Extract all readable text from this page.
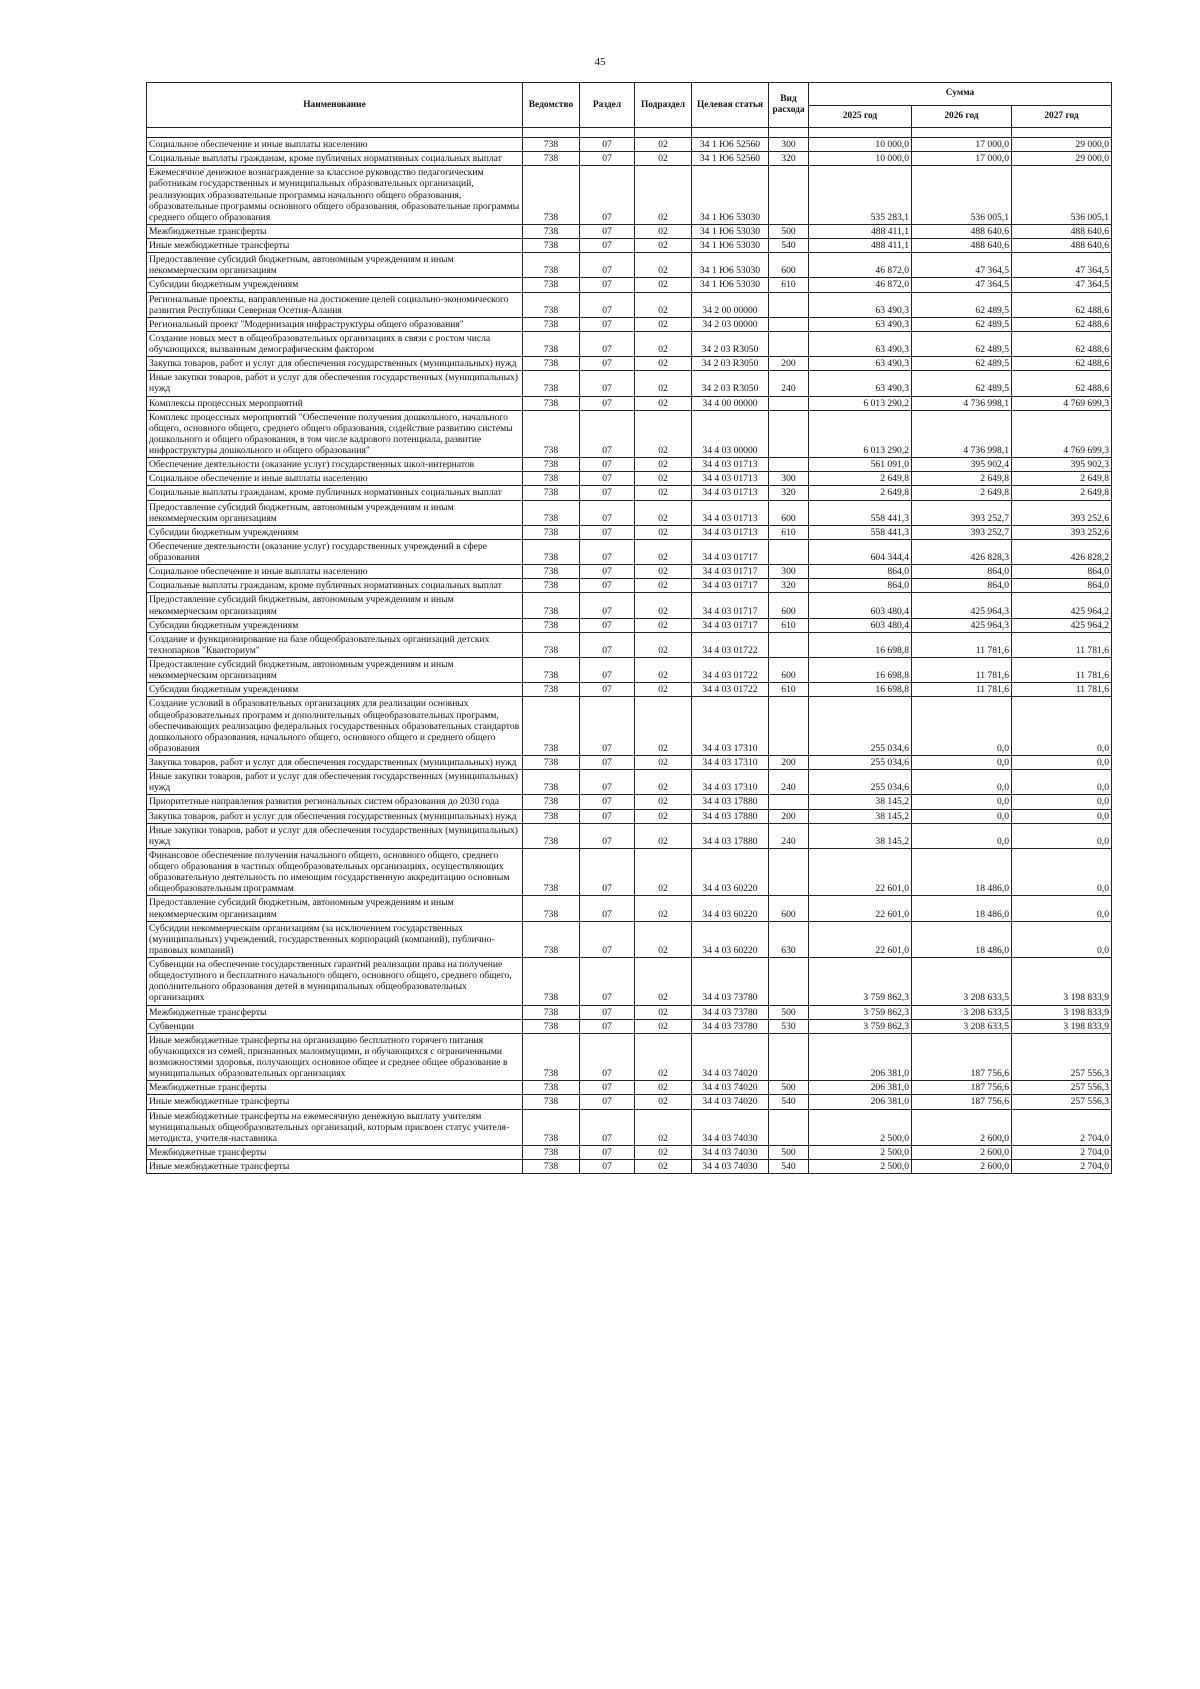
45
Наименование	Ведомство	Раздел	Подраздел	Целевая статья	Вид расхода	Сумма		
						2025 год	2026 год	2027 год

Социальное обеспечение и иные выплаты населению	738	07	02	34 1 Ю6 52560	300	10 000,0	17 000,0	29 000,0
Социальные выплаты гражданам, кроме публичных нормативных социальных выплат	738	07	02	34 1 Ю6 52560	320	10 000,0	17 000,0	29 000,0
Ежемесячное денежное вознаграждение за классное руководство педагогическим работникам государственных и муниципальных образовательных организаций, реализующих образовательные программы начального общего образования, образовательные программы основного общего образования, образовательные программы среднего общего образования	738	07	02	34 1 Ю6 53030		535 283,1	536 005,1	536 005,1
Межбюджетные трансферты	738	07	02	34 1 Ю6 53030	500	488 411,1	488 640,6	488 640,6
Иные межбюджетные трансферты	738	07	02	34 1 Ю6 53030	540	488 411,1	488 640,6	488 640,6
Предоставление субсидий бюджетным, автономным учреждениям и иным некоммерческим организациям	738	07	02	34 1 Ю6 53030	600	46 872,0	47 364,5	47 364,5
Субсидии бюджетным учреждениям	738	07	02	34 1 Ю6 53030	610	46 872,0	47 364,5	47 364,5
Региональные проекты, направленные на достижение целей социально-экономического развития Республики Северная Осетия-Алания	738	07	02	34 2 00 00000		63 490,3	62 489,5	62 488,6
Региональный проект "Модернизация инфраструктуры общего образования"	738	07	02	34 2 03 00000		63 490,3	62 489,5	62 488,6
Создание новых мест в общеобразовательных организациях в связи с ростом числа обучающихся, вызванным демографическим фактором	738	07	02	34 2 03 R3050		63 490,3	62 489,5	62 488,6
Закупка товаров, работ и услуг для обеспечения государственных (муниципальных) нужд	738	07	02	34 2 03 R3050	200	63 490,3	62 489,5	62 488,6
Иные закупки товаров, работ и услуг для обеспечения государственных (муниципальных) нужд	738	07	02	34 2 03 R3050	240	63 490,3	62 489,5	62 488,6
Комплексы процессных мероприятий	738	07	02	34 4 00 00000		6 013 290,2	4 736 998,1	4 769 699,3
Комплекс процессных мероприятий "Обеспечение получения дошкольного, начального общего, основного общего, среднего общего образования, содействие развитию системы дошкольного и общего образования, в том числе кадрового потенциала, развитие инфраструктуры дошкольного и общего образования"	738	07	02	34 4 03 00000		6 013 290,2	4 736 998,1	4 769 699,3
Обеспечение деятельности (оказание услуг) государственных школ-интернатов	738	07	02	34 4 03 01713		561 091,0	395 902,4	395 902,3
Социальное обеспечение и иные выплаты населению	738	07	02	34 4 03 01713	300	2 649,8	2 649,8	2 649,8
Социальные выплаты гражданам, кроме публичных нормативных социальных выплат	738	07	02	34 4 03 01713	320	2 649,8	2 649,8	2 649,8
Предоставление субсидий бюджетным, автономным учреждениям и иным некоммерческим организациям	738	07	02	34 4 03 01713	600	558 441,3	393 252,7	393 252,6
Субсидии бюджетным учреждениям	738	07	02	34 4 03 01713	610	558 441,3	393 252,7	393 252,6
Обеспечение деятельности (оказание услуг) государственных учреждений в сфере образования	738	07	02	34 4 03 01717		604 344,4	426 828,3	426 828,2
Социальное обеспечение и иные выплаты населению	738	07	02	34 4 03 01717	300	864,0	864,0	864,0
Социальные выплаты гражданам, кроме публичных нормативных социальных выплат	738	07	02	34 4 03 01717	320	864,0	864,0	864,0
Предоставление субсидий бюджетным, автономным учреждениям и иным некоммерческим организациям	738	07	02	34 4 03 01717	600	603 480,4	425 964,3	425 964,2
Субсидии бюджетным учреждениям	738	07	02	34 4 03 01717	610	603 480,4	425 964,3	425 964,2
Создание и функционирование на базе общеобразовательных организаций детских технопарков "Кванториум"	738	07	02	34 4 03 01722		16 698,8	11 781,6	11 781,6
Предоставление субсидий бюджетным, автономным учреждениям и иным некоммерческим организациям	738	07	02	34 4 03 01722	600	16 698,8	11 781,6	11 781,6
Субсидии бюджетным учреждениям	738	07	02	34 4 03 01722	610	16 698,8	11 781,6	11 781,6
Создание условий в образовательных организациях для реализации основных общеобразовательных программ и дополнительных общеобразовательных программ, обеспечивающих реализацию федеральных государственных образовательных стандартов дошкольного образования, начального общего, основного общего и среднего общего образования	738	07	02	34 4 03 17310		255 034,6	0,0	0,0
Закупка товаров, работ и услуг для обеспечения государственных (муниципальных) нужд	738	07	02	34 4 03 17310	200	255 034,6	0,0	0,0
Иные закупки товаров, работ и услуг для обеспечения государственных (муниципальных) нужд	738	07	02	34 4 03 17310	240	255 034,6	0,0	0,0
Приоритетные направления развития региональных систем образования до 2030 года	738	07	02	34 4 03 17880		38 145,2	0,0	0,0
Закупка товаров, работ и услуг для обеспечения государственных (муниципальных) нужд	738	07	02	34 4 03 17880	200	38 145,2	0,0	0,0
Иные закупки товаров, работ и услуг для обеспечения государственных (муниципальных) нужд	738	07	02	34 4 03 17880	240	38 145,2	0,0	0,0
Финансовое обеспечение получения начального общего, основного общего, среднего общего образования в частных общеобразовательных организациях, осуществляющих образовательную деятельность по имеющим государственную аккредитацию основным общеобразовательным программам	738	07	02	34 4 03 60220		22 601,0	18 486,0	0,0
Предоставление субсидий бюджетным, автономным учреждениям и иным некоммерческим организациям	738	07	02	34 4 03 60220	600	22 601,0	18 486,0	0,0
Субсидии некоммерческим организациям (за исключением государственных (муниципальных) учреждений, государственных корпораций (компаний), публично-правовых компаний)	738	07	02	34 4 03 60220	630	22 601,0	18 486,0	0,0
Субвенции на обеспечение государственных гарантий реализации права на получение общедоступного и бесплатного начального общего, основного общего, среднего общего, дополнительного образования детей в муниципальных общеобразовательных организациях	738	07	02	34 4 03 73780		3 759 862,3	3 208 633,5	3 198 833,9
Межбюджетные трансферты	738	07	02	34 4 03 73780	500	3 759 862,3	3 208 633,5	3 198 833,9
Субвенции	738	07	02	34 4 03 73780	530	3 759 862,3	3 208 633,5	3 198 833,9
Иные межбюджетные трансферты на организацию бесплатного горячего питания обучающихся из семей, признанных малоимущими, и обучающихся с ограниченными возможностями здоровья, получающих основное общее и среднее общее образование в муниципальных образовательных организациях	738	07	02	34 4 03 74020		206 381,0	187 756,6	257 556,3
Межбюджетные трансферты	738	07	02	34 4 03 74020	500	206 381,0	187 756,6	257 556,3
Иные межбюджетные трансферты	738	07	02	34 4 03 74020	540	206 381,0	187 756,6	257 556,3
Иные межбюджетные трансферты на ежемесячную денежную выплату учителям муниципальных общеобразовательных организаций, которым присвоен статус учителя-методиста, учителя-наставника	738	07	02	34 4 03 74030		2 500,0	2 600,0	2 704,0
Межбюджетные трансферты	738	07	02	34 4 03 74030	500	2 500,0	2 600,0	2 704,0
Иные межбюджетные трансферты	738	07	02	34 4 03 74030	540	2 500,0	2 600,0	2 704,0
